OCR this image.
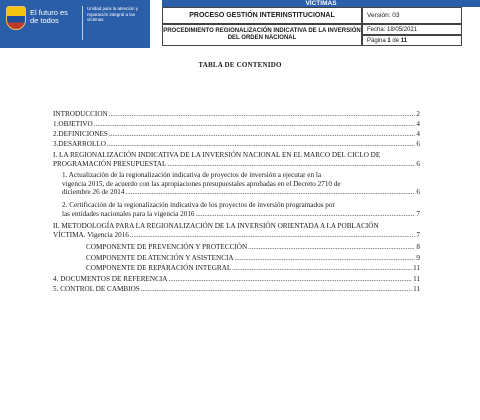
El futuro es de todos
Unidad para la atención y reparación integral a las víctimas
VÍCTIMAS
PROCESO GESTIÓN INTERINSTITUCIONAL	Versión: 03
PROCEDIMIENTO REGIONALIZACIÓN INDICATIVA DE LA INVERSIÓN DEL ORDEN NACIONAL
Fecha: 18/05/2021
Página 1 de 11
TABLA DE CONTENIDO
INTRODUCCION .....	2
1.OBJETIVO .....	4
2.DEFINICIONES .....	4
3.DESARROLLO .....	6
I. LA REGIONALIZACIÓN INDICATIVA DE LA INVERSIÓN NACIONAL EN EL MARCO DEL CICLO DE
PROGRAMACIÓN PRESUPUESTAL .....	6
1. Actualización de la regionalización indicativa de proyectos de inversión a ejecutar en la
vigencia 2015, de acuerdo con las apropiaciones presupuestales aprobadas en el Decreto 2710 de
diciembre 26 de 2014 .....	6
2. Certificación de la regionalización indicativa de los proyectos de inversión programados por
las entidades nacionales para la vigencia 2016 .....	7
II. METODOLOGÍA PARA LA REGIONALIZACIÓN DE LA INVERSIÓN ORIENTADA A LA POBLACIÓN
VÍCTIMA. Vigencia 2016 .....	7
COMPONENTE DE PREVENCIÓN Y PROTECCIÓN .....	8
COMPONENTE DE ATENCIÓN Y ASISTENCIA .....	9
COMPONENTE DE REPARACIÓN INTEGRAL .....	11
4. DOCUMENTOS DE REFERENCIA .....	11
5. CONTROL DE CAMBIOS .....	11
